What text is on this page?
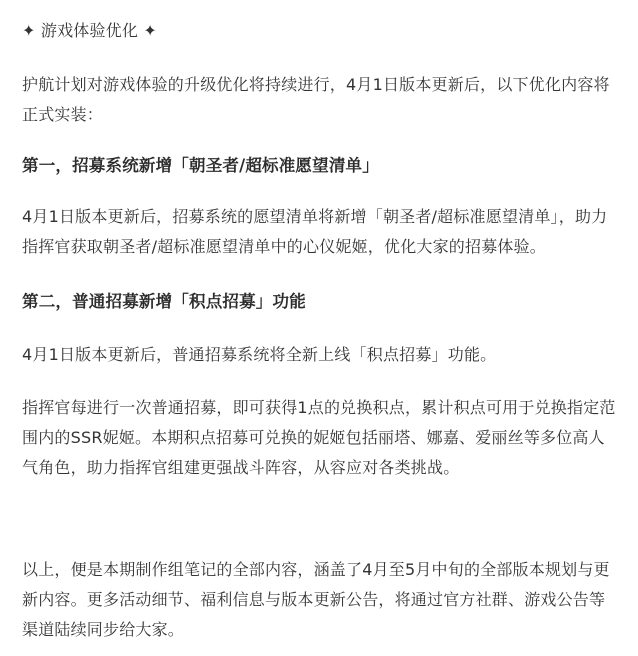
✦ 游戏体验优化 ✦

护航计划对游戏体验的升级优化将持续进行，4月1日版本更新后，以下优化内容将正式实装：

第一，招募系统新增「朝圣者/超标准愿望清单」

4月1日版本更新后，招募系统的愿望清单将新增「朝圣者/超标准愿望清单」，助力指挥官获取朝圣者/超标准愿望清单中的心仪妮姬，优化大家的招募体验。

第二，普通招募新增「积点招募」功能

4月1日版本更新后，普通招募系统将全新上线「积点招募」功能。

指挥官每进行一次普通招募，即可获得1点的兑换积点，累计积点可用于兑换指定范围内的SSR妮姬。本期积点招募可兑换的妮姬包括丽塔、娜嘉、爱丽丝等多位高人气角色，助力指挥官组建更强战斗阵容，从容应对各类挑战。

以上，便是本期制作组笔记的全部内容，涵盖了4月至5月中旬的全部版本规划与更新内容。更多活动细节、福利信息与版本更新公告，将通过官方社群、游戏公告等渠道陆续同步给大家。
